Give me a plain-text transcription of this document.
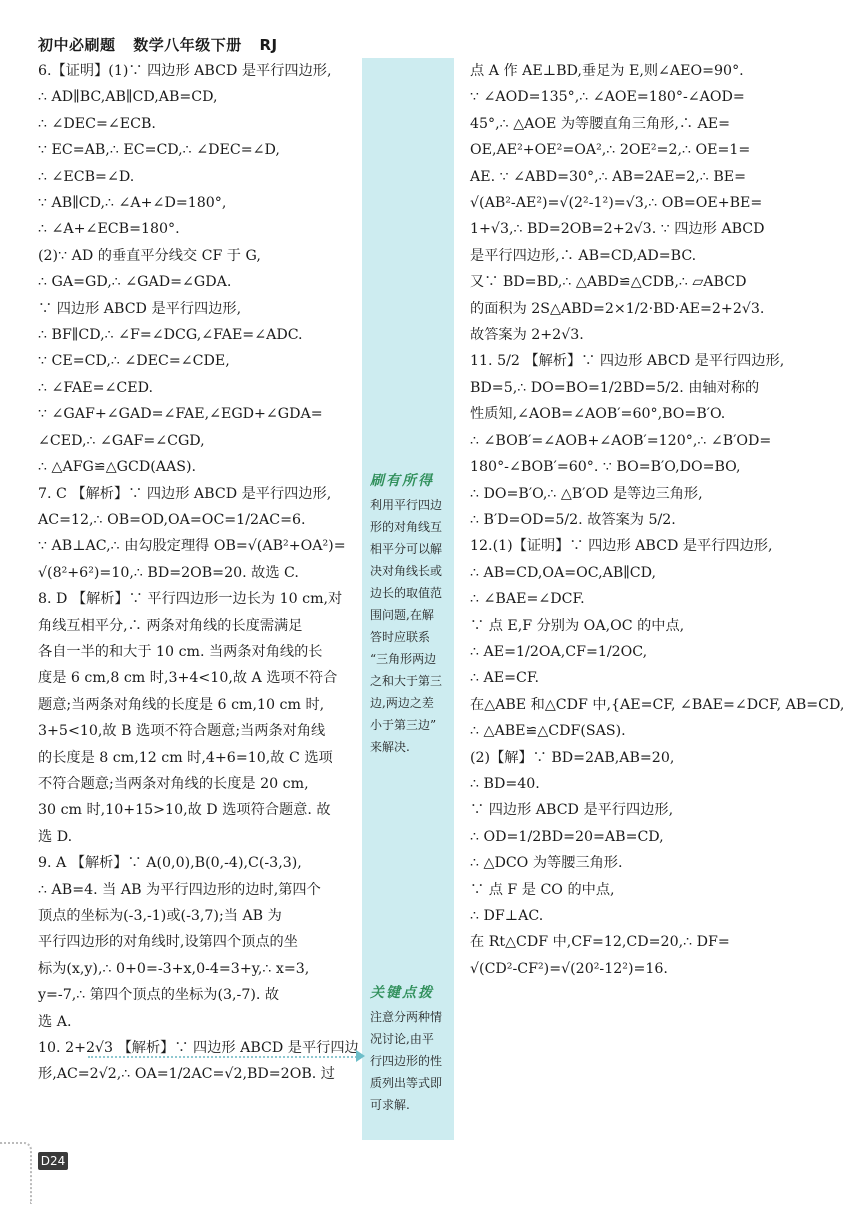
初中必刷题 数学八年级下册 RJ

6.【证明】(1)∵ 四边形 ABCD 是平行四边形,

∴ AD∥BC,AB∥CD,AB=CD,

∴ ∠DEC=∠ECB.

∵ EC=AB,∴ EC=CD,∴ ∠DEC=∠D,

∴ ∠ECB=∠D.

∵ AB∥CD,∴ ∠A+∠D=180°,

∴ ∠A+∠ECB=180°.

(2)∵ AD 的垂直平分线交 CF 于 G,

∴ GA=GD,∴ ∠GAD=∠GDA.

∵ 四边形 ABCD 是平行四边形,

∴ BF∥CD,∴ ∠F=∠DCG,∠FAE=∠ADC.

∵ CE=CD,∴ ∠DEC=∠CDE,

∴ ∠FAE=∠CED.

∵ ∠GAF+∠GAD=∠FAE,∠EGD+∠GDA=

∠CED,∴ ∠GAF=∠CGD,

∴ △AFG≌△GCD(AAS).

7. C 【解析】∵ 四边形 ABCD 是平行四边形,

AC=12,∴ OB=OD,OA=OC=1/2AC=6.

∵ AB⊥AC,∴ 由勾股定理得 OB=√(AB²+OA²)=

√(8²+6²)=10,∴ BD=2OB=20. 故选 C.

8. D 【解析】∵ 平行四边形一边长为 10 cm,对

角线互相平分,∴ 两条对角线的长度需满足

各自一半的和大于 10 cm. 当两条对角线的长

度是 6 cm,8 cm 时,3+4<10,故 A 选项不符合

题意;当两条对角线的长度是 6 cm,10 cm 时,

3+5<10,故 B 选项不符合题意;当两条对角线

的长度是 8 cm,12 cm 时,4+6=10,故 C 选项

不符合题意;当两条对角线的长度是 20 cm,

30 cm 时,10+15>10,故 D 选项符合题意. 故

选 D.

9. A 【解析】∵ A(0,0),B(0,-4),C(-3,3),

∴ AB=4. 当 AB 为平行四边形的边时,第四个

顶点的坐标为(-3,-1)或(-3,7);当 AB 为

平行四边形的对角线时,设第四个顶点的坐

标为(x,y),∴ 0+0=-3+x,0-4=3+y,∴ x=3,

y=-7,∴ 第四个顶点的坐标为(3,-7). 故

选 A.

10. 2+2√3 【解析】∵ 四边形 ABCD 是平行四边

形,AC=2√2,∴ OA=1/2AC=√2,BD=2OB. 过

刷有所得

利用平行四边

形的对角线互

相平分可以解

决对角线长或

边长的取值范

围问题,在解

答时应联系

“三角形两边

之和大于第三

边,两边之差

小于第三边”

来解决.

关键点拨

注意分两种情

况讨论,由平

行四边形的性

质列出等式即

可求解.

点 A 作 AE⊥BD,垂足为 E,则∠AEO=90°.

∵ ∠AOD=135°,∴ ∠AOE=180°-∠AOD=

45°,∴ △AOE 为等腰直角三角形,∴ AE=

OE,AE²+OE²=OA²,∴ 2OE²=2,∴ OE=1=

AE. ∵ ∠ABD=30°,∴ AB=2AE=2,∴ BE=

√(AB²-AE²)=√(2²-1²)=√3,∴ OB=OE+BE=

1+√3,∴ BD=2OB=2+2√3. ∵ 四边形 ABCD

是平行四边形,∴ AB=CD,AD=BC.

又∵ BD=BD,∴ △ABD≌△CDB,∴ ▱ABCD

的面积为 2S△ABD=2×1/2·BD·AE=2+2√3.

故答案为 2+2√3.

11. 5/2 【解析】∵ 四边形 ABCD 是平行四边形,

BD=5,∴ DO=BO=1/2BD=5/2. 由轴对称的

性质知,∠AOB=∠AOB′=60°,BO=B′O.

∴ ∠BOB′=∠AOB+∠AOB′=120°,∴ ∠B′OD=

180°-∠BOB′=60°. ∵ BO=B′O,DO=BO,

∴ DO=B′O,∴ △B′OD 是等边三角形,

∴ B′D=OD=5/2. 故答案为 5/2.

12.(1)【证明】∵ 四边形 ABCD 是平行四边形,

∴ AB=CD,OA=OC,AB∥CD,

∴ ∠BAE=∠DCF.

∵ 点 E,F 分别为 OA,OC 的中点,

∴ AE=1/2OA,CF=1/2OC,

∴ AE=CF.

在△ABE 和△CDF 中,{AE=CF, ∠BAE=∠DCF, AB=CD,

∴ △ABE≌△CDF(SAS).

(2)【解】∵ BD=2AB,AB=20,

∴ BD=40.

∵ 四边形 ABCD 是平行四边形,

∴ OD=1/2BD=20=AB=CD,

∴ △DCO 为等腰三角形.

∵ 点 F 是 CO 的中点,

∴ DF⊥AC.

在 Rt△CDF 中,CF=12,CD=20,∴ DF=

√(CD²-CF²)=√(20²-12²)=16.

D24
